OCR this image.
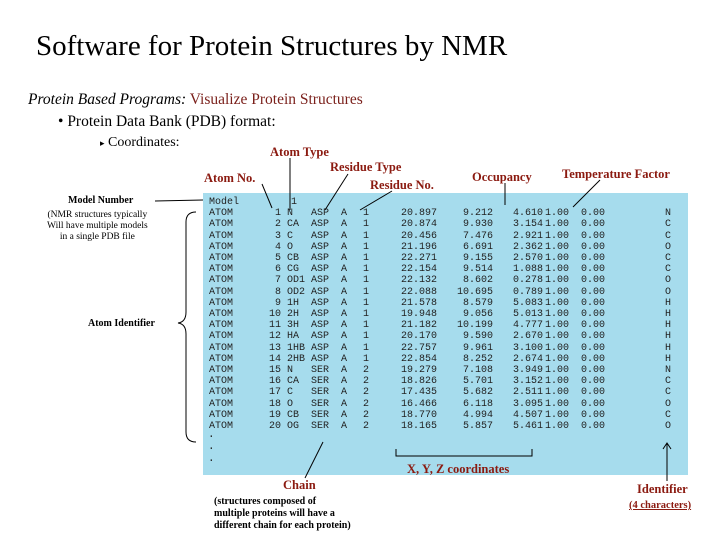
Software for Protein Structures by NMR
Protein Based Programs: Visualize Protein Structures
• Protein Data Bank (PDB) format:
▸ Coordinates:
Atom Type
Residue Type
Atom No.	Residue No.
Occupancy Temperature Factor
Model Number
(NMR structures typically
Will have multiple models
in a single PDB file
Atom Identifier
Model	1
ATOM	1 N ASP A	1	20.897	9.212	4.610 1.00 0.00	N
ATOM	2 CA ASP A	1	20.874	9.930	3.154 1.00 0.00	C
ATOM	3 C ASP A	1	20.456	7.476	2.921 1.00 0.00	C
ATOM	4 O ASP A	1	21.196	6.691	2.362 1.00 0.00	O
ATOM	5 CB ASP A	1	22.271	9.155	2.570 1.00 0.00	C
ATOM	6 CG ASP A	1	22.154	9.514	1.088 1.00 0.00	C
ATOM	7 OD1 ASP A	1	22.132	8.602	0.278 1.00 0.00	O
ATOM	8 OD2 ASP A	1	22.088	10.695	0.789 1.00 0.00	O
ATOM	9 1H ASP A	1	21.578	8.579	5.083 1.00 0.00	H
ATOM	10 2H ASP A	1	19.948	9.056	5.013 1.00 0.00	H
ATOM	11 3H ASP A	1	21.182	10.199	4.777 1.00 0.00	H
ATOM	12 HA ASP A	1	20.170	9.590	2.670 1.00 0.00	H
ATOM	13 1HB ASP A	1	22.757	9.961	3.100 1.00 0.00	H
ATOM	14 2HB ASP A	1	22.854	8.252	2.674 1.00 0.00	H
ATOM	15 N SER A	2	19.279	7.108	3.949 1.00 0.00	N
ATOM	16 CA SER A	2	18.826	5.701	3.152 1.00 0.00	C
ATOM	17 C SER A	2	17.435	5.682	2.511 1.00 0.00	C
ATOM	18 O SER A	2	16.466	6.118	3.095 1.00 0.00	O
ATOM	19 CB SER A	2	18.770	4.994	4.507 1.00 0.00	C
ATOM	20 OG SER A	2	18.165	5.857	5.461 1.00 0.00	O
.
.
.
X, Y, Z coordinates
Chain
(structures composed of
multiple proteins will have a
different chain for each protein)
Identifier
(4 characters)
